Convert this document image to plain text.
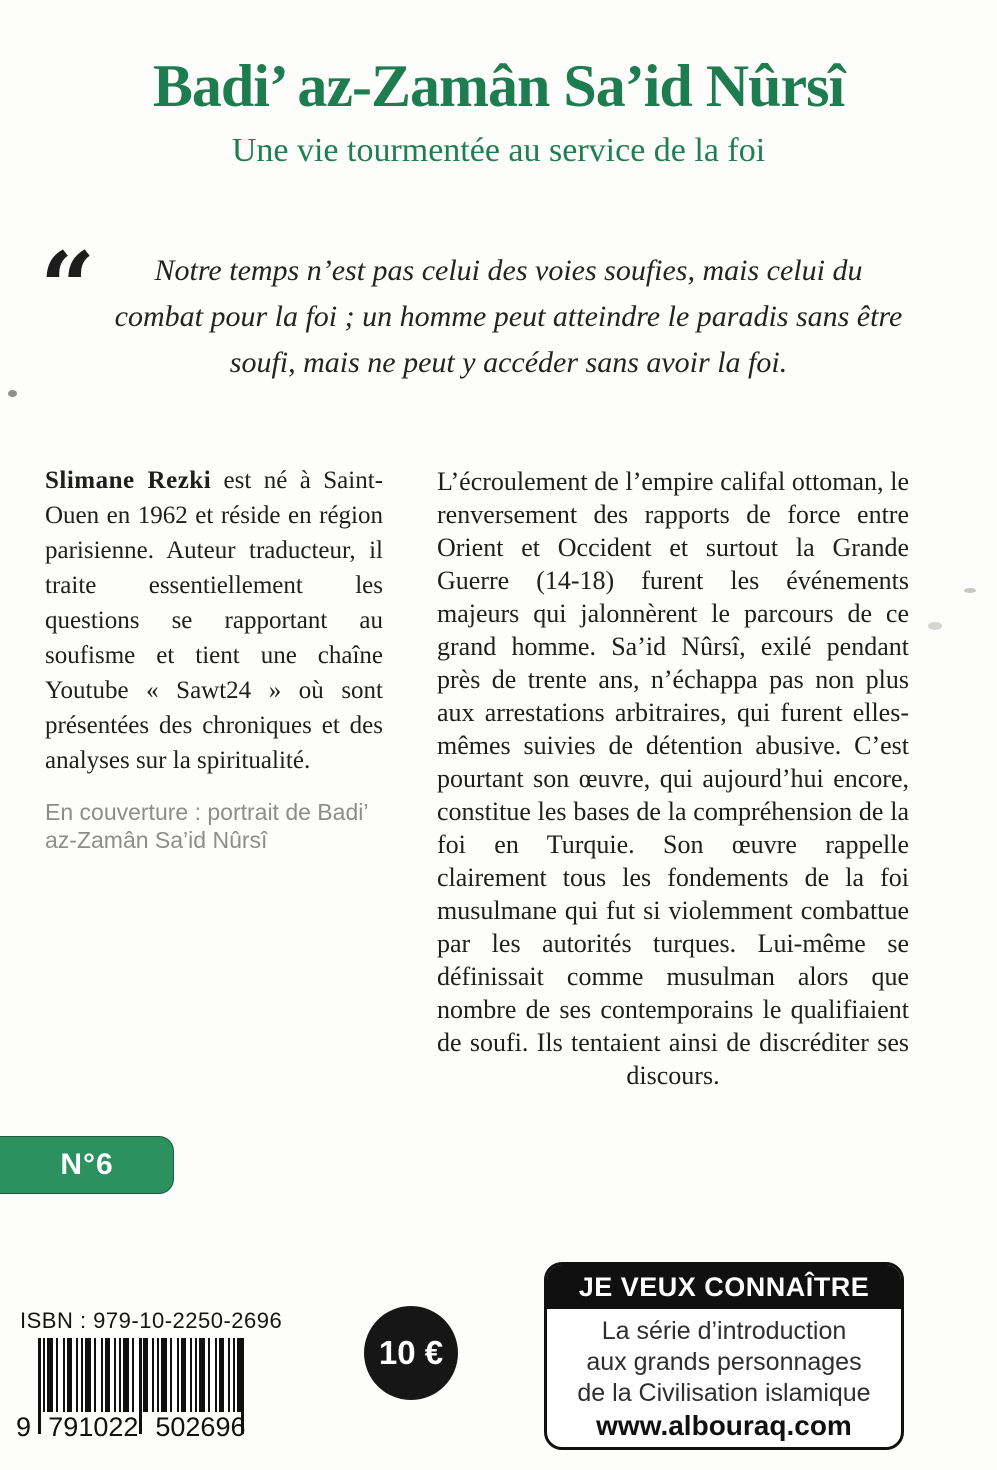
Badi’ az-Zamân Sa’id Nûrsî
Une vie tourmentée au service de la foi
“	Notre temps n’est pas celui des voies soufies, mais celui du combat pour la foi ; un homme peut atteindre le paradis sans être soufi, mais ne peut y accéder sans avoir la foi.

Slimane Rezki est né à Saint-Ouen en 1962 et réside en région parisienne. Auteur traducteur, il traite essentiellement les questions se rapportant au soufisme et tient une chaîne Youtube « Sawt24 » où sont présentées des chroniques et des analyses sur la spiritualité.

En couverture : portrait de Badi’ az-Zamân Sa’id Nûrsî

L’écroulement de l’empire califal ottoman, le renversement des rapports de force entre Orient et Occident et surtout la Grande Guerre (14-18) furent les événements majeurs qui jalonnèrent le parcours de ce grand homme. Sa’id Nûrsî, exilé pendant près de trente ans, n’échappa pas non plus aux arrestations arbitraires, qui furent elles-mêmes suivies de détention abusive. C’est pourtant son œuvre, qui aujourd’hui encore, constitue les bases de la compréhension de la foi en Turquie. Son œuvre rappelle clairement tous les fondements de la foi musulmane qui fut si violemment combattue par les autorités turques. Lui-même se définissait comme musulman alors que nombre de ses contemporains le qualifiaient de soufi. Ils tentaient ainsi de discréditer ses discours.

N°6
ISBN : 979-10-2250-2696
9 791022 502696
10 €
JE VEUX CONNAÎTRE
La série d’introduction
aux grands personnages
de la Civilisation islamique
www.albouraq.com
